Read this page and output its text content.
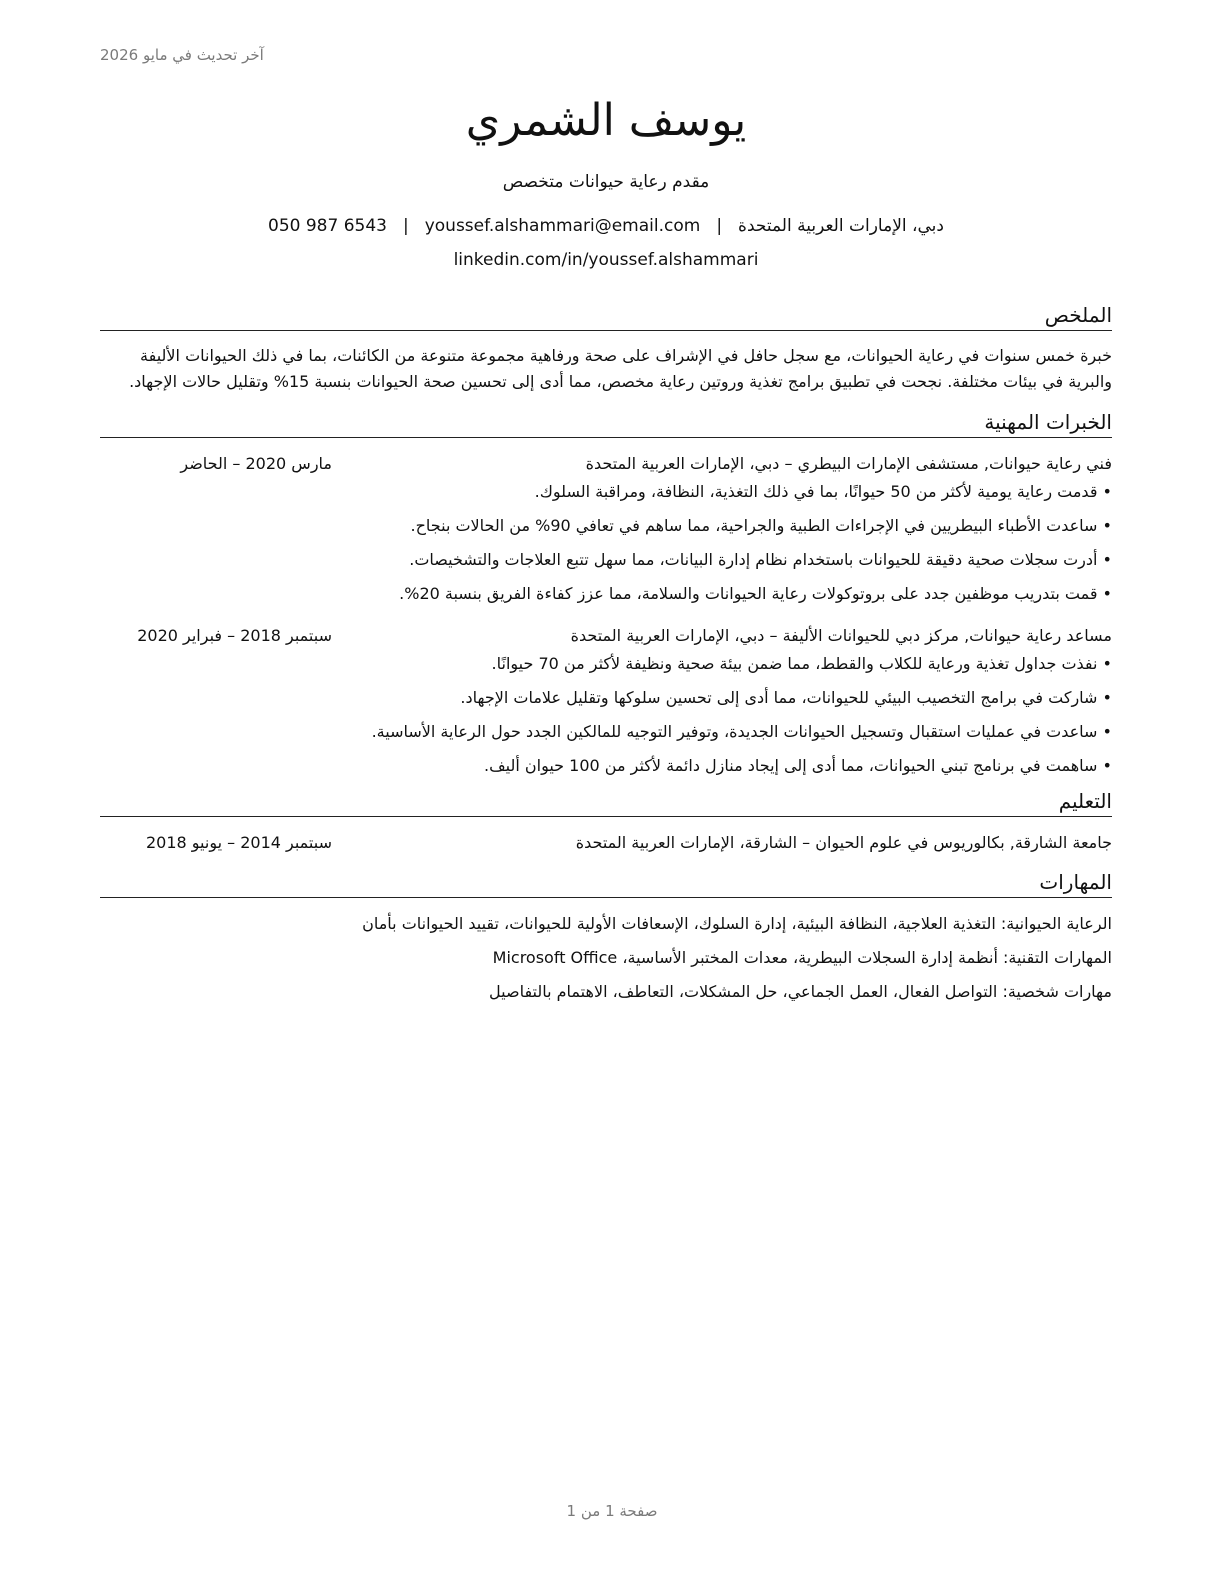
آخر تحديث في مايو 2026
يوسف الشمري
مقدم رعاية حيوانات متخصص
دبي، الإمارات العربية المتحدة|youssef.alshammari@email.com|050 987 6543
linkedin.com/in/youssef.alshammari
الملخص
خبرة خمس سنوات في رعاية الحيوانات، مع سجل حافل في الإشراف على صحة ورفاهية مجموعة متنوعة من الكائنات، بما في ذلك الحيوانات الأليفة والبرية في بيئات مختلفة. نجحت في تطبيق برامج تغذية وروتين رعاية مخصص، مما أدى إلى تحسين صحة الحيوانات بنسبة 15% وتقليل حالات الإجهاد.
الخبرات المهنية
فني رعاية حيوانات, مستشفى الإمارات البيطري – دبي، الإمارات العربية المتحدة
مارس 2020 – الحاضر
• قدمت رعاية يومية لأكثر من 50 حيوانًا، بما في ذلك التغذية، النظافة، ومراقبة السلوك.
• ساعدت الأطباء البيطريين في الإجراءات الطبية والجراحية، مما ساهم في تعافي 90% من الحالات بنجاح.
• أدرت سجلات صحية دقيقة للحيوانات باستخدام نظام إدارة البيانات، مما سهل تتبع العلاجات والتشخيصات.
• قمت بتدريب موظفين جدد على بروتوكولات رعاية الحيوانات والسلامة، مما عزز كفاءة الفريق بنسبة 20%.
مساعد رعاية حيوانات, مركز دبي للحيوانات الأليفة – دبي، الإمارات العربية المتحدة
سبتمبر 2018 – فبراير 2020
• نفذت جداول تغذية ورعاية للكلاب والقطط، مما ضمن بيئة صحية ونظيفة لأكثر من 70 حيوانًا.
• شاركت في برامج التخصيب البيئي للحيوانات، مما أدى إلى تحسين سلوكها وتقليل علامات الإجهاد.
• ساعدت في عمليات استقبال وتسجيل الحيوانات الجديدة، وتوفير التوجيه للمالكين الجدد حول الرعاية الأساسية.
• ساهمت في برنامج تبني الحيوانات، مما أدى إلى إيجاد منازل دائمة لأكثر من 100 حيوان أليف.
التعليم
جامعة الشارقة, بكالوريوس في علوم الحيوان – الشارقة، الإمارات العربية المتحدة
سبتمبر 2014 – يونيو 2018
المهارات
الرعاية الحيوانية: التغذية العلاجية، النظافة البيئية، إدارة السلوك، الإسعافات الأولية للحيوانات، تقييد الحيوانات بأمان
المهارات التقنية: أنظمة إدارة السجلات البيطرية، معدات المختبر الأساسية، Microsoft Office
مهارات شخصية: التواصل الفعال، العمل الجماعي، حل المشكلات، التعاطف، الاهتمام بالتفاصيل
صفحة 1 من 1
